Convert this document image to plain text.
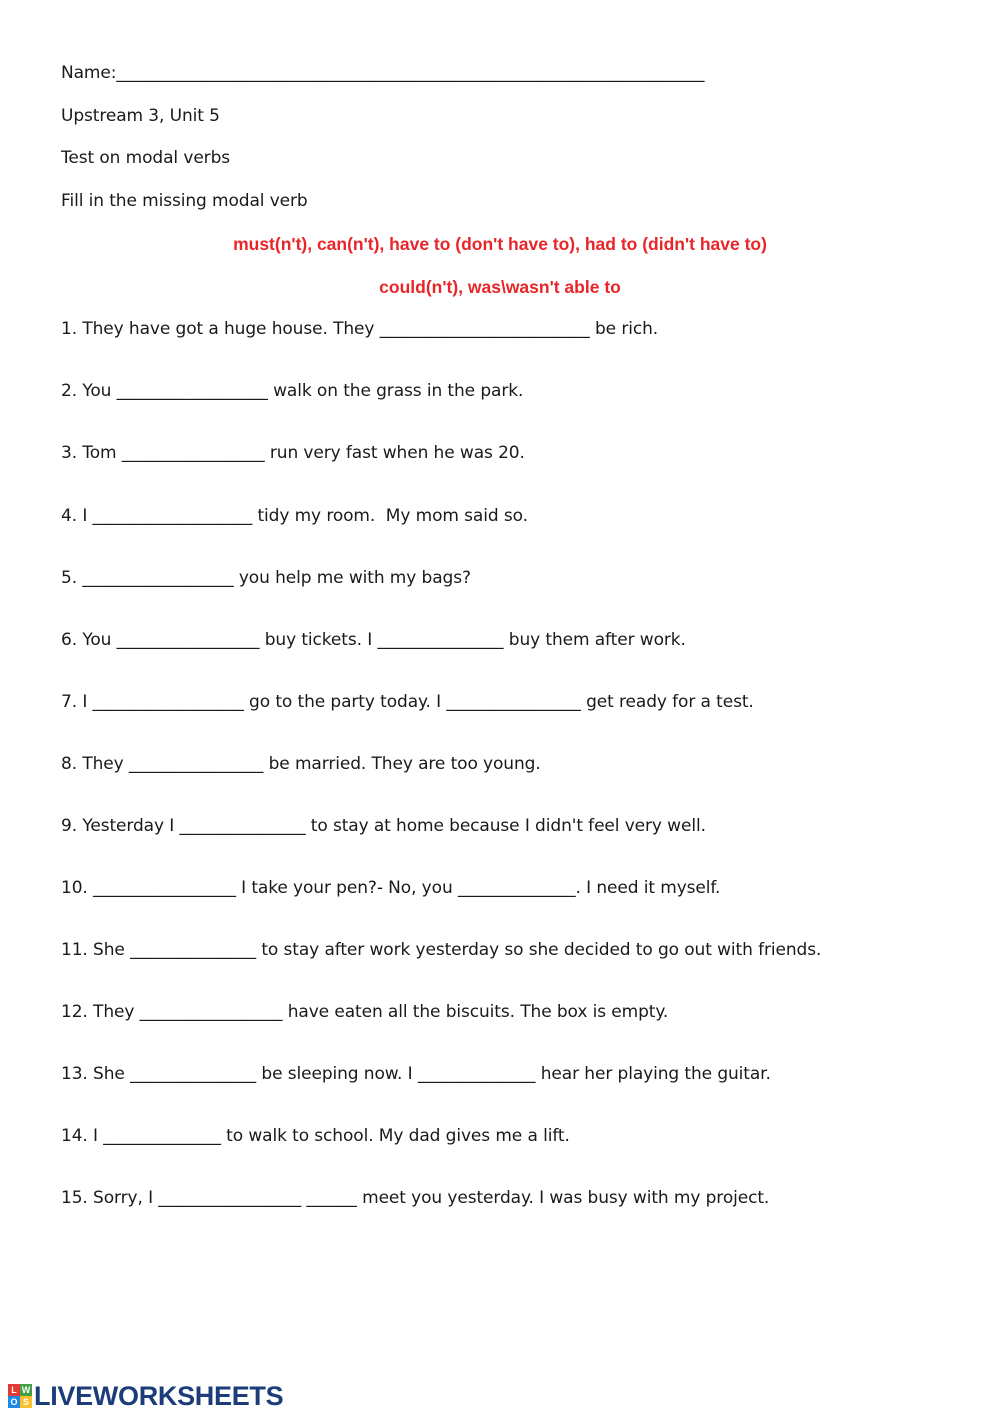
Name:______________________________________________________________________
Upstream 3, Unit 5
Test on modal verbs
Fill in the missing modal verb
must(n't), can(n't), have to (don't have to), had to (didn't have to)
could(n't), was\wasn't able to
1. They have got a huge house. They _________________________ be rich.
2. You __________________ walk on the grass in the park.
3. Tom _________________ run very fast when he was 20.
4. I ___________________ tidy my room.  My mom said so.
5. __________________ you help me with my bags?
6. You _________________ buy tickets. I _______________ buy them after work.
7. I __________________ go to the party today. I ________________ get ready for a test.
8. They ________________ be married. They are too young.
9. Yesterday I _______________ to stay at home because I didn't feel very well.
10. _________________ I take your pen?- No, you ______________. I need it myself.
11. She _______________ to stay after work yesterday so she decided to go out with friends.
12. They _________________ have eaten all the biscuits. The box is empty.
13. She _______________ be sleeping now. I ______________ hear her playing the guitar.
14. I ______________ to walk to school. My dad gives me a lift.
15. Sorry, I _________________ ______ meet you yesterday. I was busy with my project.
L W
O S LIVEWORKSHEETS
